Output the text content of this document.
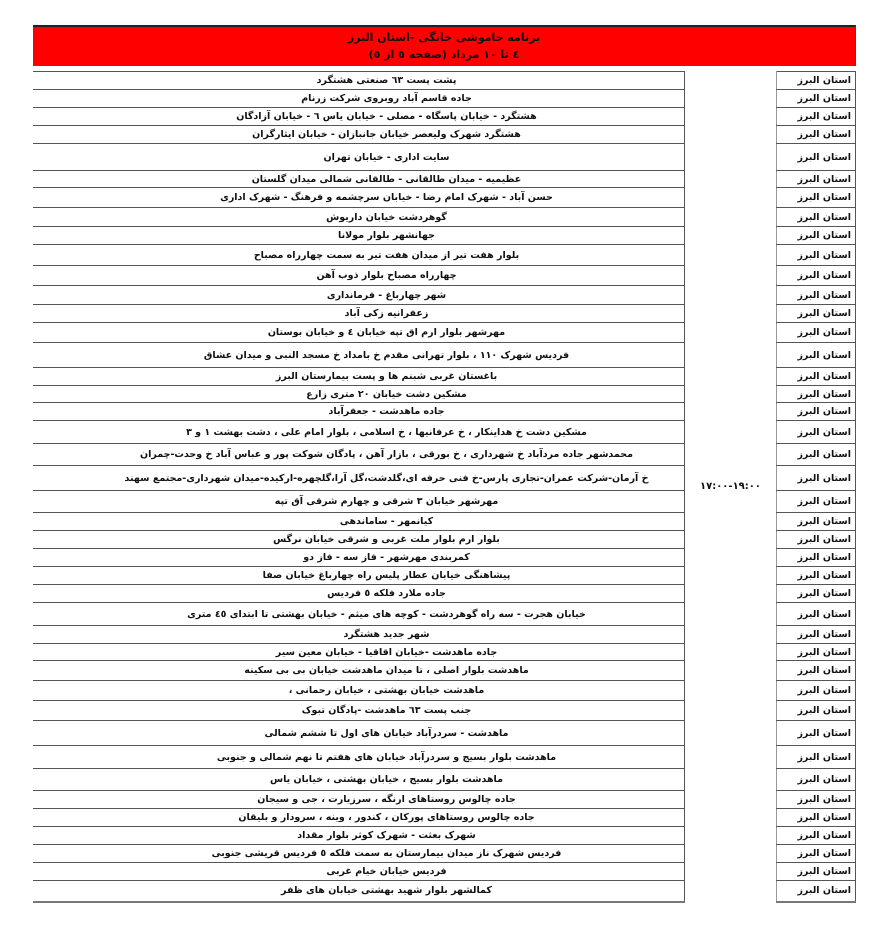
برنامه خاموشی خانگی -استان البرز
٤ تا ١٠ مرداد (صفحه ٥ از ٥)
استان البرز	۱۷:۰۰-۱۹:۰۰	پشت پست ٦٣ صنعتی هشتگرد
استان البرز		جاده قاسم آباد روبروی شرکت زرنام
استان البرز		هشتگرد - خیابان پاسگاه - مصلی - خیابان یاس ٦ - خیابان آزادگان
استان البرز		هشتگرد شهرک ولیعصر خیابان جانبازان - خیابان ایثارگران
استان البرز		سایت اداری - خیابان تهران
استان البرز		عظیمیه - میدان طالقانی - طالقانی شمالی میدان گلستان
استان البرز		حسن آباد - شهرک امام رضا - خیابان سرچشمه و فرهنگ - شهرک اداری
استان البرز		گوهردشت خیابان داریوش
استان البرز		جهانشهر بلوار مولانا
استان البرز		بلوار هفت تیر از میدان هفت تیر به سمت چهارراه مصباح
استان البرز		چهارراه مصباح بلوار ذوب آهن
استان البرز		شهر چهارباغ - فرمانداری
استان البرز		زعفرانیه زکی آباد
استان البرز		مهرشهر بلوار ارم اق تپه خیابان ٤ و خیابان بوستان
استان البرز		فردیس شهرک ۱۱۰ ، بلوار تهرانی مقدم خ بامداد خ مسجد النبی و میدان عشاق
استان البرز		باغستان غربی شبنم ها و پست بیمارستان البرز
استان البرز		مشکین دشت خیابان ۲۰ متری زارع
استان البرز		جاده ماهدشت - جعفرآباد
استان البرز		مشکین دشت خ هداینکار ، خ عرفانیها ، خ اسلامی ، بلوار امام علی ، دشت بهشت ۱ و ۳
استان البرز		محمدشهر جاده مردآباد خ شهرداری ، خ بورقی ، بازار آهن ، پادگان شوکت پور و عباس آباد خ وحدت-چمران
استان البرز		خ آرمان-شرکت عمران-تجاری پارس-خ فنی حرفه ای،گلدشت،گل آرا،گلچهره-ارکیده-میدان شهرداری-مجتمع سهند
استان البرز		مهرشهر خیابان ۳ شرقی و چهارم شرقی آق تپه
استان البرز		کیانمهر - ساماندهی
استان البرز		بلوار ارم بلوار ملت غربی و شرقی خیابان نرگس
استان البرز		کمربندی مهرشهر - فاز سه - فاز دو
استان البرز		پیشاهنگی خیابان عطار پلیس راه چهارباغ خیابان صفا
استان البرز		جاده ملارد فلکه ٥ فردیس
استان البرز		خیابان هجرت - سه راه گوهردشت - کوچه های میثم - خیابان بهشتی تا ابتدای ٤٥ متری
استان البرز		شهر جدید هشتگرد
استان البرز		جاده ماهدشت -خیابان اقاقیا - خیابان معین سیر
استان البرز		ماهدشت بلوار اصلی ، تا میدان ماهدشت خیابان بی بی سکینه
استان البرز		ماهدشت خیابان بهشتی ، خیابان رحمانی ،
استان البرز		جنب پست ٦٣ ماهدشت -پادگان تبوک
استان البرز		ماهدشت - سردرآباد خیابان های اول تا ششم شمالی
استان البرز		ماهدشت بلوار بسیج و سردرآباد خیابان های هفتم تا نهم شمالی و جنوبی
استان البرز		ماهدشت بلوار بسیج ، خیابان بهشتی ، خیابان یاس
استان البرز		جاده چالوس روستاهای ارنگه ، سرزیارت ، جی و سیجان
استان البرز		جاده چالوس روستاهای پورکان ، کندور ، وینه ، سرودار و بلیقان
استان البرز		شهرک بعثت - شهرک کوثر بلوار مقداد
استان البرز		فردیس شهرک ناز میدان بیمارستان به سمت فلکه ٥ فردیس قریشی جنوبی
استان البرز		فردیس خیابان خیام غربی
استان البرز		کمالشهر بلوار شهید بهشتی خیابان های ظفر
